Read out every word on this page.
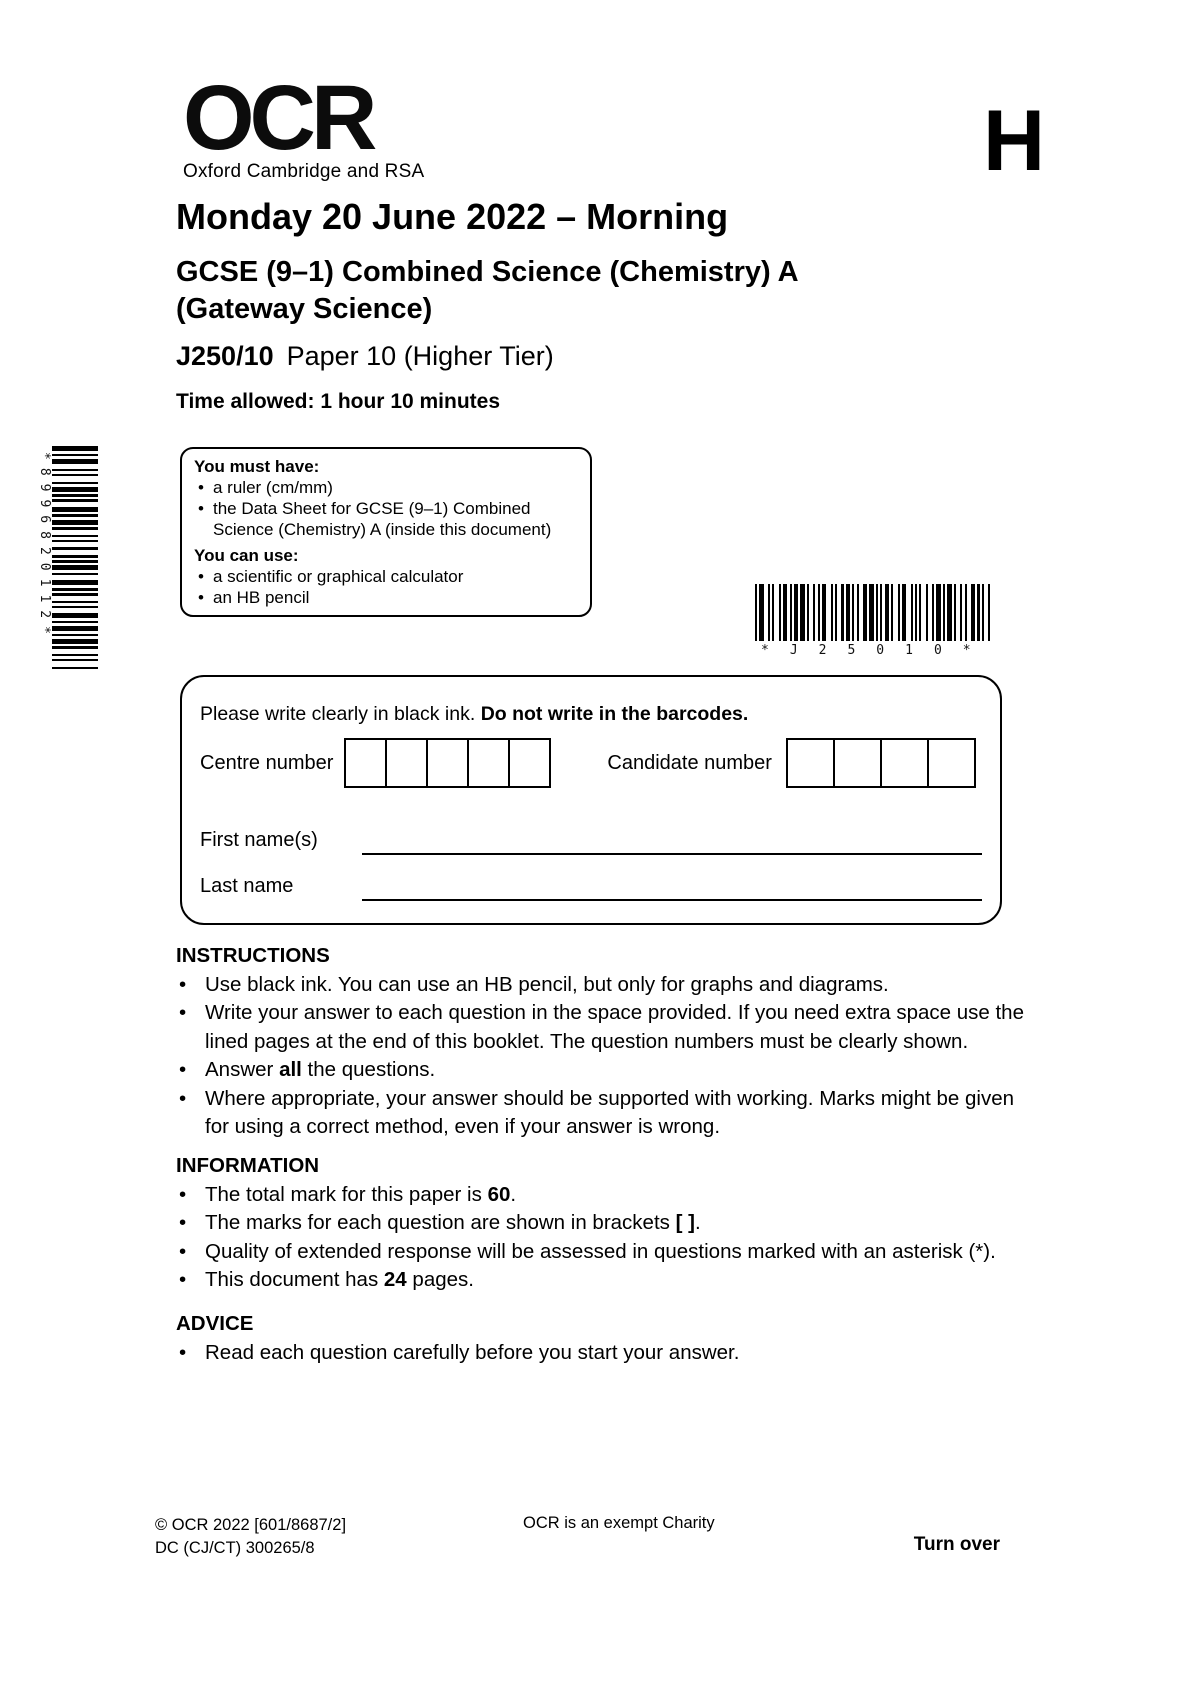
OCR
Oxford Cambridge and RSA	H
Monday 20 June 2022 – Morning
GCSE (9–1) Combined Science (Chemistry) A
(Gateway Science)
J250/10 Paper 10 (Higher Tier)
Time allowed: 1 hour 10 minutes
*8996820112*	You must have:
• a ruler (cm/mm)
• the Data Sheet for GCSE (9–1) Combined Science (Chemistry) A (inside this document)
You can use:
• a scientific or graphical calculator
• an HB pencil
*J25010*
Please write clearly in black ink. Do not write in the barcodes.
Centre number	Candidate number
First name(s)
Last name
INSTRUCTIONS
• Use black ink. You can use an HB pencil, but only for graphs and diagrams.
• Write your answer to each question in the space provided. If you need extra space use the lined pages at the end of this booklet. The question numbers must be clearly shown.
• Answer all the questions.
• Where appropriate, your answer should be supported with working. Marks might be given for using a correct method, even if your answer is wrong.
INFORMATION
• The total mark for this paper is 60.
• The marks for each question are shown in brackets [ ].
• Quality of extended response will be assessed in questions marked with an asterisk (*).
• This document has 24 pages.
ADVICE
• Read each question carefully before you start your answer.
© OCR 2022 [601/8687/2]
DC (CJ/CT) 300265/8
OCR is an exempt Charity
Turn over
